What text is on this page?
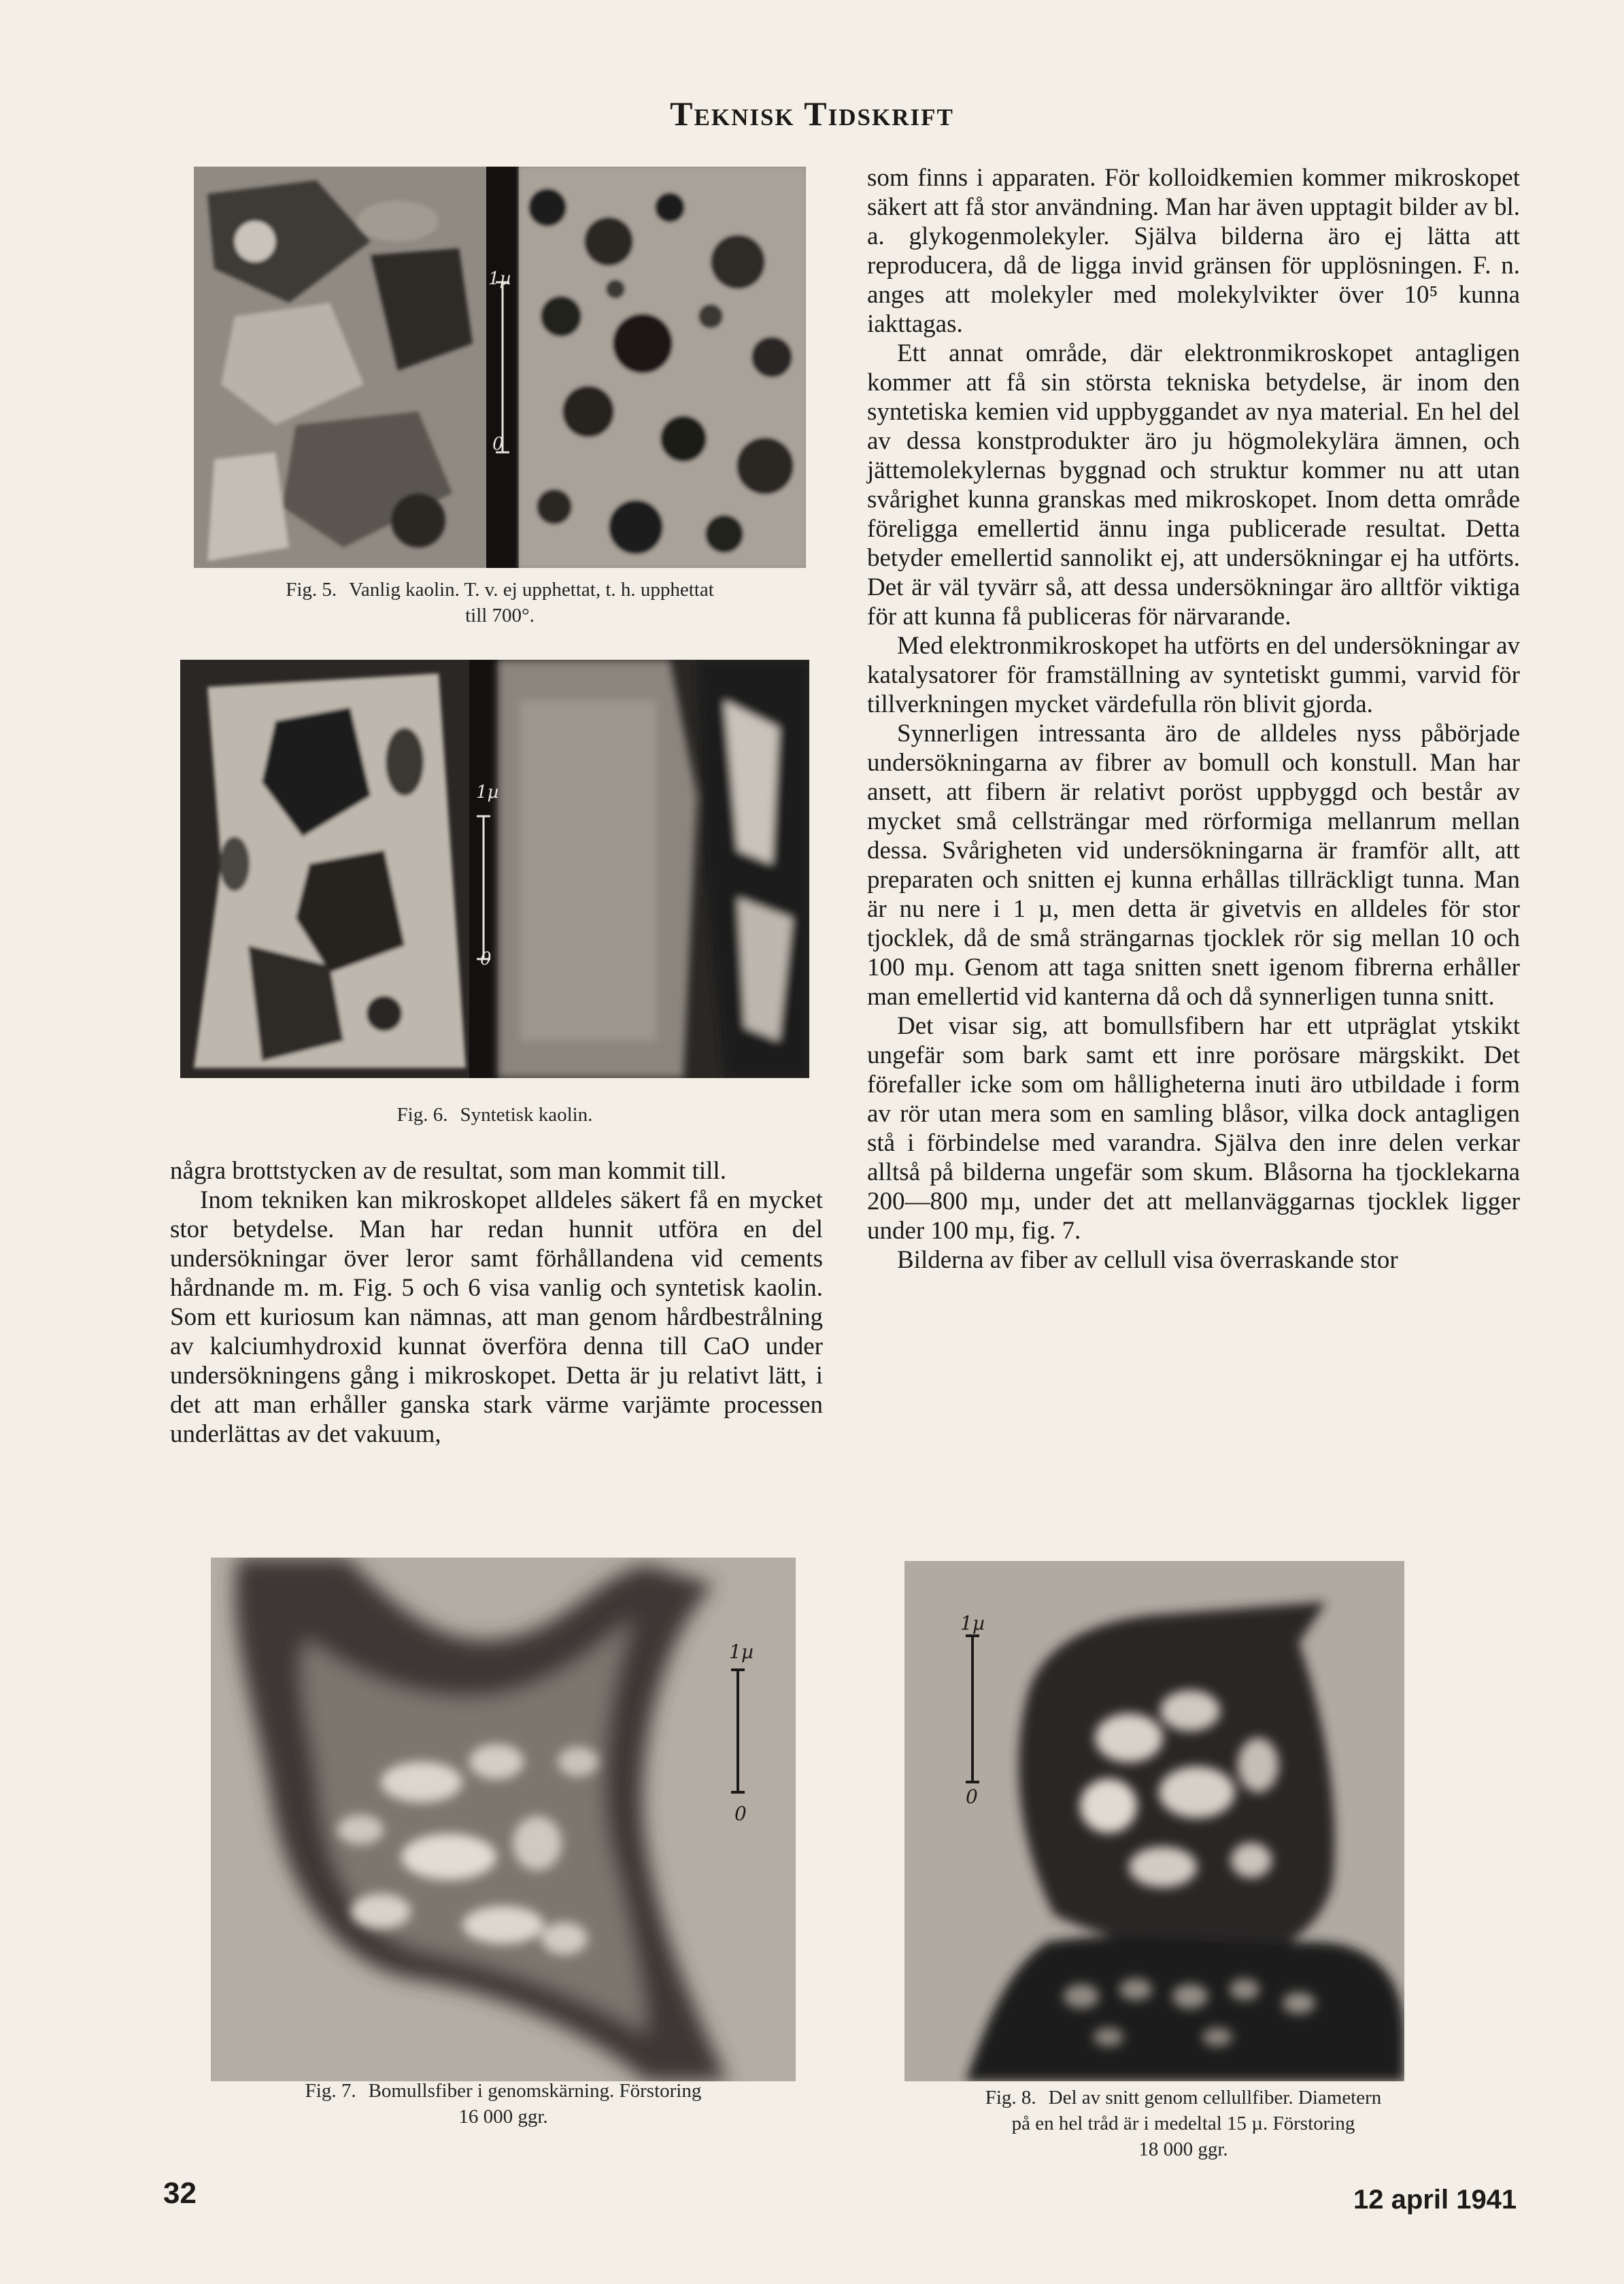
Teknisk Tidskrift
1µ
0
Fig. 5. Vanlig kaolin. T. v. ej upphettat, t. h. upphettat
till 700°.
1µ
0
Fig. 6. Syntetisk kaolin.

några brottstycken av de resultat, som man kommit till.

Inom tekniken kan mikroskopet alldeles säkert få en mycket stor betydelse. Man har redan hunnit utföra en del undersökningar över leror samt förhållandena vid cements hårdnande m. m. Fig. 5 och 6 visa vanlig och syntetisk kaolin. Som ett kuriosum kan nämnas, att man genom hårdbestrålning av kalciumhydroxid kunnat överföra denna till CaO under undersökningens gång i mikroskopet. Detta är ju relativt lätt, i det att man erhåller ganska stark värme varjämte processen underlättas av det vakuum,

som finns i apparaten. För kolloidkemien kommer mikroskopet säkert att få stor användning. Man har även upptagit bilder av bl. a. glykogenmolekyler. Själva bilderna äro ej lätta att reproducera, då de ligga invid gränsen för upplösningen. F. n. anges att molekyler med molekylvikter över 10⁵ kunna iakttagas.

Ett annat område, där elektronmikroskopet antagligen kommer att få sin största tekniska betydelse, är inom den syntetiska kemien vid uppbyggandet av nya material. En hel del av dessa konstprodukter äro ju högmolekylära ämnen, och jättemolekylernas byggnad och struktur kommer nu att utan svårighet kunna granskas med mikroskopet. Inom detta område föreligga emellertid ännu inga publicerade resultat. Detta betyder emellertid sannolikt ej, att undersökningar ej ha utförts. Det är väl tyvärr så, att dessa undersökningar äro alltför viktiga för att kunna få publiceras för närvarande.

Med elektronmikroskopet ha utförts en del undersökningar av katalysatorer för framställning av syntetiskt gummi, varvid för tillverkningen mycket värdefulla rön blivit gjorda.

Synnerligen intressanta äro de alldeles nyss påbörjade undersökningarna av fibrer av bomull och konstull. Man har ansett, att fibern är relativt poröst uppbyggd och består av mycket små cellsträngar med rörformiga mellanrum mellan dessa. Svårigheten vid undersökningarna är framför allt, att preparaten och snitten ej kunna erhållas tillräckligt tunna. Man är nu nere i 1 µ, men detta är givetvis en alldeles för stor tjocklek, då de små strängarnas tjocklek rör sig mellan 10 och 100 mµ. Genom att taga snitten snett igenom fibrerna erhåller man emellertid vid kanterna då och då synnerligen tunna snitt.

Det visar sig, att bomullsfibern har ett utpräglat ytskikt ungefär som bark samt ett inre porösare märgskikt. Det förefaller icke som om hålligheterna inuti äro utbildade i form av rör utan mera som en samling blåsor, vilka dock antagligen stå i förbindelse med varandra. Själva den inre delen verkar alltså på bilderna ungefär som skum. Blåsorna ha tjocklekarna 200—800 mµ, under det att mellanväggarnas tjocklek ligger under 100 mµ, fig. 7.

Bilderna av fiber av cellull visa överraskande stor

1µ
0
Fig. 7. Bomullsfiber i genomskärning. Förstoring
16 000 ggr.
1µ
0
Fig. 8. Del av snitt genom cellullfiber. Diametern
på en hel tråd är i medeltal 15 µ. Förstoring
18 000 ggr.
32	12 april 1941
